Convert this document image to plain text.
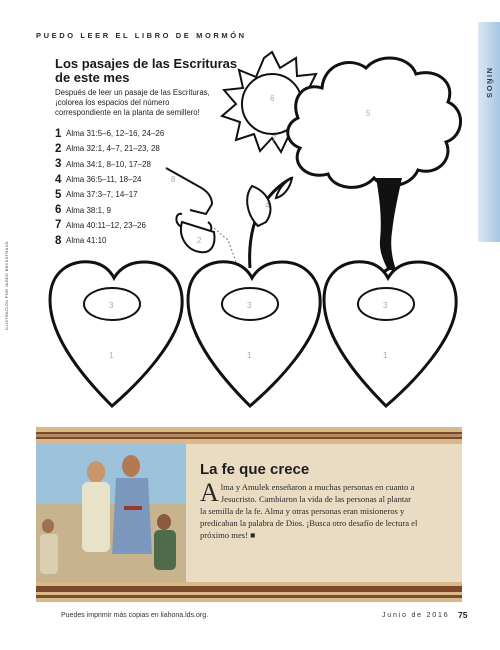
PUEDO LEER EL LIBRO DE MORMÓN
NIÑOS
ILUSTRACIÓN POR JARED BECKSTRAND
Los pasajes de las Escrituras de este mes
Después de leer un pasaje de las Escrituras, ¡colorea los espacios del número correspondiente en la planta de semillero!
1 Alma 31:5–6, 12–16, 24–26
2 Alma 32:1, 4–7, 21–23, 28
3 Alma 34:1, 8–10, 17–28
4 Alma 36:5–11, 18–24
5 Alma 37:3–7, 14–17
6 Alma 38:1, 9
7 Alma 40:11–12, 23–26
8 Alma 41:10
6
7
5
8
4
2
3	3	3
1	1	1
La fe que crece
Alma y Amulek enseñaron a muchas personas en cuanto a Jesucristo. Cambiaron la vida de las personas al plantar la semilla de la fe. Alma y otras personas eran misioneros y predicaban la palabra de Dios. ¡Busca otro desafío de lectura el próximo mes! ■
Puedes imprimir más copias en liahona.lds.org.	Junio de 2016 75
